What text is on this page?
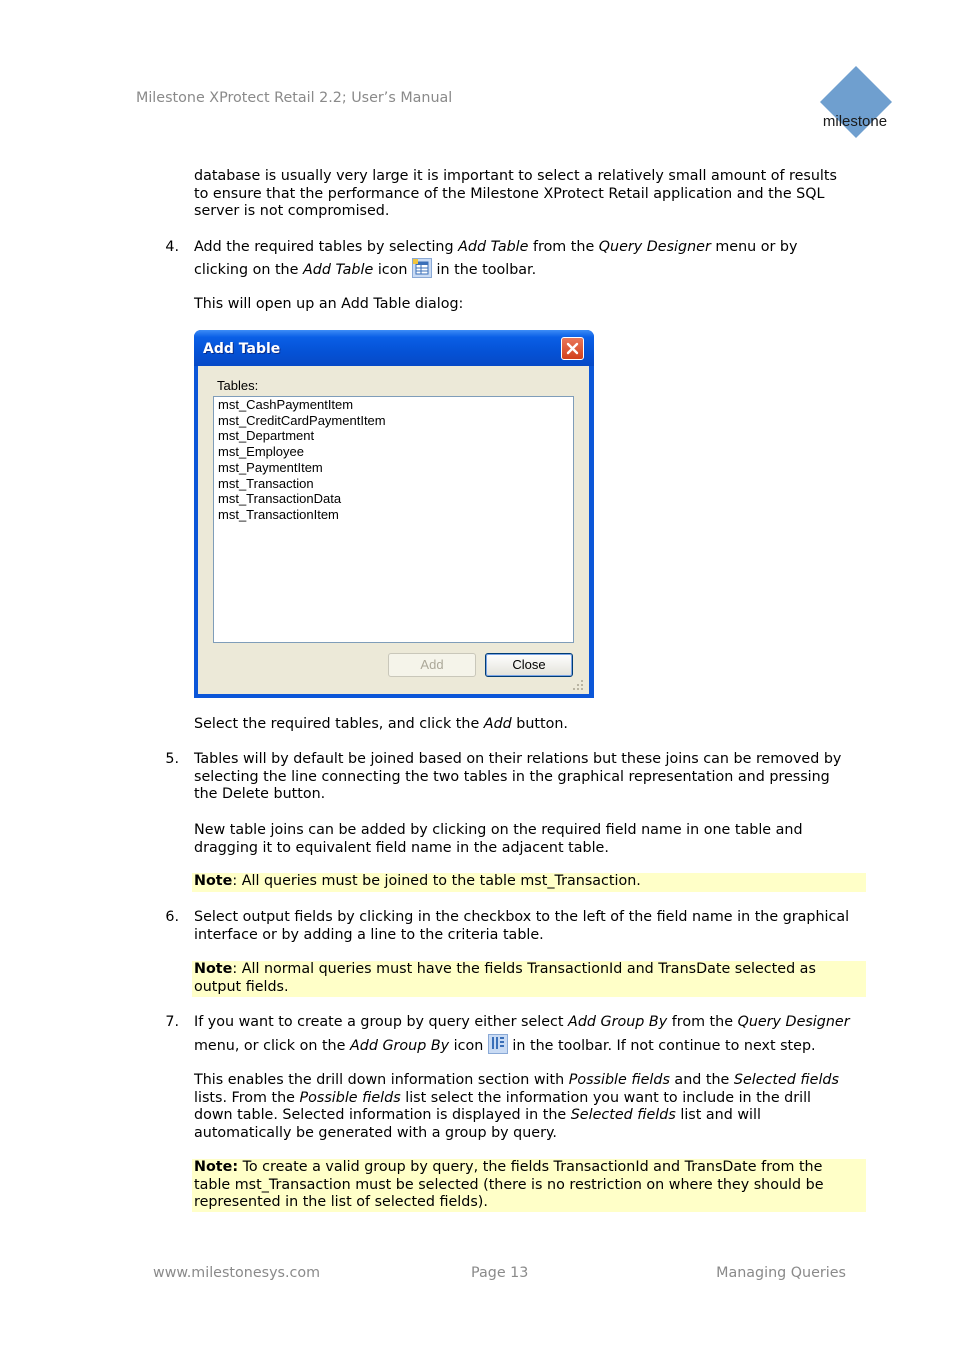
Milestone XProtect Retail 2.2; User’s Manual
milestone
database is usually very large it is important to select a relatively small amount of results
to ensure that the performance of the Milestone XProtect Retail application and the SQL
server is not compromised.
4. Add the required tables by selecting Add Table from the Query Designer menu or by
clicking on the Add Table icon  in the toolbar.
This will open up an Add Table dialog:
Add Table
Tables:
mst_CashPaymentItem
mst_CreditCardPaymentItem
mst_Department
mst_Employee
mst_PaymentItem
mst_Transaction
mst_TransactionData
mst_TransactionItem
Add	Close
Select the required tables, and click the Add button.
5. Tables will by default be joined based on their relations but these joins can be removed by
selecting the line connecting the two tables in the graphical representation and pressing
the Delete button.
New table joins can be added by clicking on the required field name in one table and
dragging it to equivalent field name in the adjacent table.
Note: All queries must be joined to the table mst_Transaction.
6. Select output fields by clicking in the checkbox to the left of the field name in the graphical
interface or by adding a line to the criteria table.
Note: All normal queries must have the fields TransactionId and TransDate selected as
output fields.
7. If you want to create a group by query either select Add Group By from the Query Designer
menu, or click on the Add Group By icon  in the toolbar. If not continue to next step.
This enables the drill down information section with Possible fields and the Selected fields
lists. From the Possible fields list select the information you want to include in the drill
down table. Selected information is displayed in the Selected fields list and will
automatically be generated with a group by query.
Note: To create a valid group by query, the fields TransactionId and TransDate from the
table mst_Transaction must be selected (there is no restriction on where they should be
represented in the list of selected fields).
www.milestonesys.com	Page 13	Managing Queries
